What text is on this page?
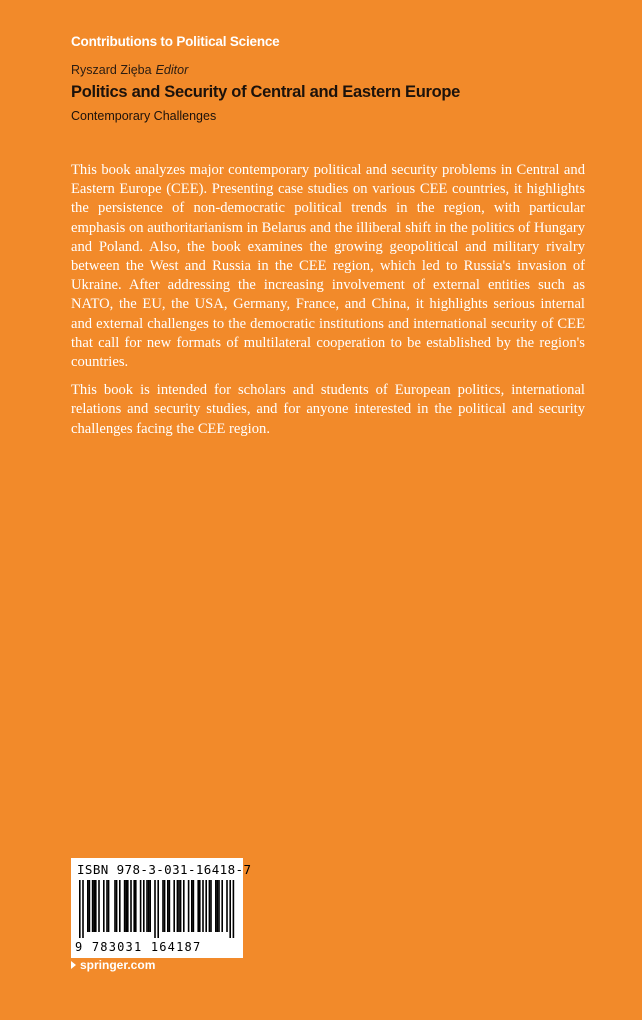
Contributions to Political Science
Ryszard Zięba Editor
Politics and Security of Central and Eastern Europe
Contemporary Challenges

This book analyzes major contemporary political and security problems in Central and Eastern Europe (CEE). Presenting case studies on various CEE countries, it highlights the persistence of non-democratic political trends in the region, with particular emphasis on authoritarianism in Belarus and the illiberal shift in the politics of Hungary and Poland. Also, the book examines the growing geopolitical and military rivalry between the West and Russia in the CEE region, which led to Russia's invasion of Ukraine. After addressing the increasing involvement of external entities such as NATO, the EU, the USA, Germany, France, and China, it highlights serious internal and external challenges to the democratic institutions and international security of CEE that call for new formats of multilateral cooperation to be established by the region's countries.

This book is intended for scholars and students of European politics, international relations and security studies, and for anyone interested in the political and security challenges facing the CEE region.

ISBN 978-3-031-16418-7
9 783031 164187
springer.com
